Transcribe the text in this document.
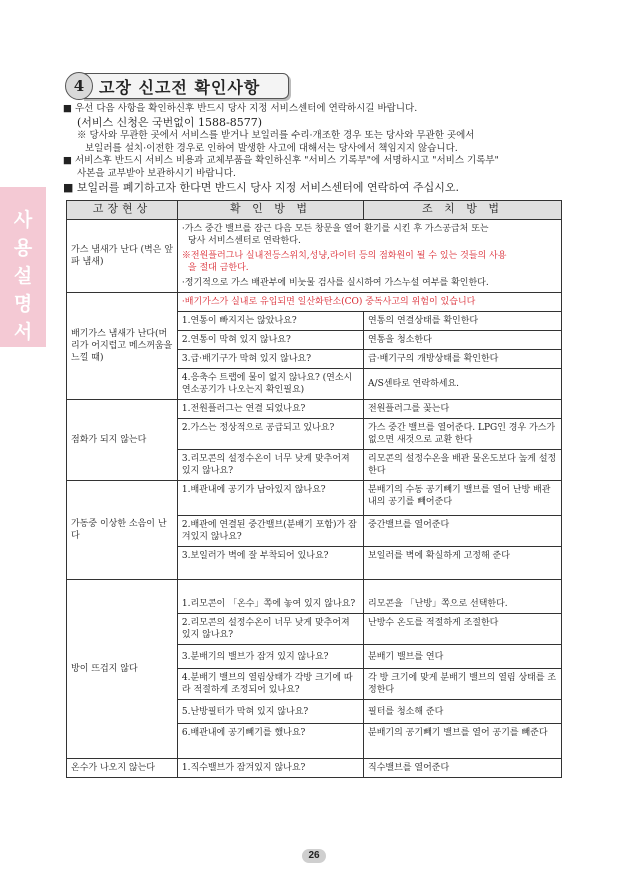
사
용
설
명
서
4 고장 신고전 확인사항

■ 우선 다음 사항을 확인하신후 반드시 당사 지정 서비스센터에 연락하시길 바랍니다.

(서비스 신청은 국번없이 1588-8577)

※ 당사와 무관한 곳에서 서비스를 받거나 보일러를 수리·개조한 경우 또는 당사와 무관한 곳에서

보일러를 설치·이전한 경우로 인하여 발생한 사고에 대해서는 당사에서 책임지지 않습니다.

■ 서비스후 반드시 서비스 비용과 교체부품을 확인하신후 "서비스 기록부"에 서명하시고 "서비스 기록부"

사본을 교부받아 보관하시기 바랍니다.

■ 보일러를 폐기하고자 한다면 반드시 당사 지정 서비스센터에 연락하여 주십시오.

고장현상	확 인 방 법	조 치 방 법
가스 냄새가 난다 (벽은 앞파 냄새)	·가스 중간 밸브를 잠근 다음 모든 창문을 열어 환기를 시킨 후 가스공급처 또는
당사 서비스센터로 연락한다.
※전원플러그나 실내전등스위치,성냥,라이터 등의 점화원이 될 수 있는 것들의 사용
을 절대 금한다.
·정기적으로 가스 배관부에 비눗물 검사를 실시하여 가스누설 여부를 확인한다.	

배기가스 냄새가 난다(머리가 어지럽고 메스꺼움을 느낄 때)	·배기가스가 실내로 유입되면 일산화탄소(CO) 중독사고의 위험이 있습니다	
	1.연통이 빠지지는 않았나요?	연통의 연결상태를 확인한다
	2.연통이 막혀 있지 않나요?	연통을 청소한다
	3.급·배기구가 막혀 있지 않나요?	급·배기구의 개방상태를 확인한다
	4.응축수 트랩에 물이 없지 않나요? (연소시 연소공기가 나오는지 확인필요)	A/S센타로 연락하세요.
점화가 되지 않는다	1.전원플러그는 연결 되었나요?	전원플러그를 꽂는다
	2.가스는 정상적으로 공급되고 있나요?	가스 중간 밸브를 열어준다. LPG인 경우 가스가 없으면 새것으로 교환 한다
	3.리모콘의 설정수온이 너무 낮게 맞추어져 있지 않나요?	리모콘의 설정수온을 배관 물온도보다 높게 설정 한다
가동중 이상한 소음이 난다	1.배관내에 공기가 남아있지 않나요?	분배기의 수동 공기빼기 밸브를 열어 난방 배관내의 공기를 빼어준다
	2.배관에 연결된 중간밸브(분배기 포함)가 잠겨있지 않나요?	중간밸브를 열어준다
	3.보일러가 벽에 잘 부착되어 있나요?	보일러를 벽에 확실하게 고정해 준다
방이 뜨겁지 않다	1.리모콘이 「온수」쪽에 놓여 있지 않나요?	리모콘을 「난방」쪽으로 선택한다.
	2.리모콘의 설정수온이 너무 낮게 맞추어져 있지 않나요?	난방수 온도를 적절하게 조절한다
	3.분배기의 밸브가 잠겨 있지 않나요?	분배기 밸브를 연다
	4.분배기 밸브의 열림상태가 각방 크기에 따라 적절하게 조정되어 있나요?	각 방 크기에 맞게 분배기 밸브의 열림 상태를 조정한다
	5.난방필터가 막혀 있지 않나요?	필터를 청소해 준다
	6.배관내에 공기빼기를 했나요?	분배기의 공기빼기 밸브를 열어 공기를 빼준다
온수가 나오지 않는다	1.직수밸브가 잠겨있지 않나요?	직수밸브를 열어준다
26
